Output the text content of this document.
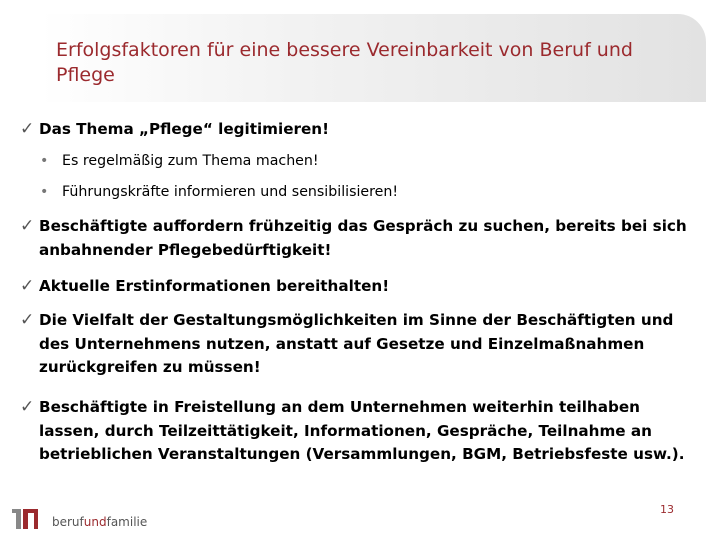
Erfolgsfaktoren für eine bessere Vereinbarkeit von Beruf und Pflege
✓ Das Thema „Pflege“ legitimieren!
• Es regelmäßig zum Thema machen!
• Führungskräfte informieren und sensibilisieren!
✓ Beschäftigte auffordern frühzeitig das Gespräch zu suchen, bereits bei sich anbahnender Pflegebedürftigkeit!
✓ Aktuelle Erstinformationen bereithalten!
✓ Die Vielfalt der Gestaltungsmöglichkeiten im Sinne der Beschäftigten und des Unternehmens nutzen, anstatt auf Gesetze und Einzelmaßnahmen zurückgreifen zu müssen!
✓ Beschäftigte in Freistellung an dem Unternehmen weiterhin teilhaben lassen, durch Teilzeittätigkeit, Informationen, Gespräche, Teilnahme an betrieblichen Veranstaltungen (Versammlungen, BGM, Betriebsfeste usw.).
berufundfamilie
13
